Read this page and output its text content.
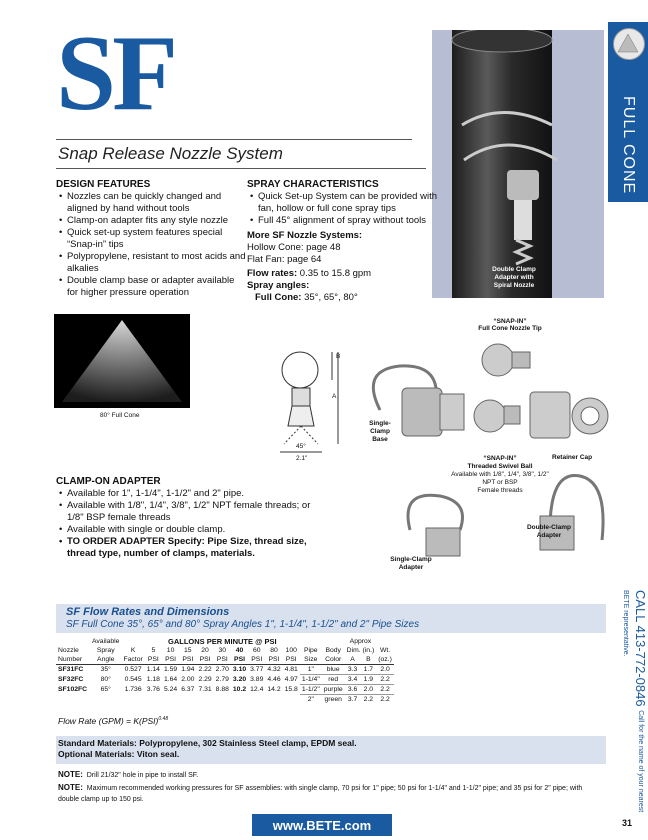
SF
Snap Release Nozzle System	FULL CONE
CALL 413-772-0846 Call for the name of your nearest BETE representative.
Double Clamp
Adapter with
Spiral Nozzle
DESIGN FEATURES
• Nozzles can be quickly changed and aligned by hand without tools
• Clamp-on adapter fits any style nozzle
• Quick set-up system features special “Snap-in” tips
• Polypropylene, resistant to most acids and alkalies
• Double clamp base or adapter available for higher pressure operation
SPRAY CHARACTERISTICS
• Quick Set-up System can be provided with fan, hollow or full cone spray tips
• Full 45° alignment of spray without tools
More SF Nozzle Systems:
Hollow Cone: page 48
Flat Fan: page 64
Flow rates: 0.35 to 15.8 gpm
Spray angles:
Full Cone: 35°, 65°, 80°
80° Full Cone
B
A
45°
2.1"
“SNAP-IN”
Full Cone Nozzle Tip
Single-
Clamp
Base
“SNAP-IN”
Threaded Swivel Ball
Available with 1/8", 1/4", 3/8", 1/2"
NPT or BSP
Female threads
Retainer Cap
Double-Clamp
Adapter
Single-Clamp
Adapter
CLAMP-ON ADAPTER
• Available for 1", 1-1/4", 1-1/2" and 2" pipe.
• Available with 1/8", 1/4", 3/8", 1/2" NPT female threads; or 1/8" BSP female threads
• Available with single or double clamp.
• TO ORDER ADAPTER Specify: Pipe Size, thread size, thread type, number of clamps, materials.
SF Flow Rates and Dimensions
SF Full Cone 35°, 65° and 80° Spray Angles 1", 1-1/4", 1-1/2" and 2" Pipe Sizes
	Available		GALLONS PER MINUTE @ PSI											Approx		
Nozzle	Spray	K	5	10	15	20	30	40	60	80	100	Pipe	Body	Dim. (in.)		Wt.
Number	Angle	Factor	PSI	PSI	PSI	PSI	PSI	PSI	PSI	PSI	PSI	Size	Color	A	B	(oz.)
SF31FC	35°	0.527	1.14	1.59	1.94	2.22	2.70	3.10	3.77	4.32	4.81	1"	blue	3.3	1.7	2.0
SF32FC	80°	0.545	1.18	1.64	2.00	2.29	2.79	3.20	3.89	4.46	4.97	1-1/4"	red	3.4	1.9	2.2
SF102FC	65°	1.736	3.76	5.24	6.37	7.31	8.88	10.2	12.4	14.2	15.8	1-1/2"	purple	3.6	2.0	2.2
												2"	green	3.7	2.2	2.2
Flow Rate (GPM) = K(PSI)$^{0.48}$
Standard Materials: Polypropylene, 302 Stainless Steel clamp, EPDM seal.
Optional Materials: Viton seal.
NOTE: Drill 21/32" hole in pipe to install SF.
NOTE: Maximum recommended working pressures for SF assemblies: with single clamp, 70 psi for 1" pipe; 50 psi for 1-1/4" and 1-1/2" pipe; and 35 psi for 2" pipe; with double clamp up to 150 psi.
www.BETE.com	31
